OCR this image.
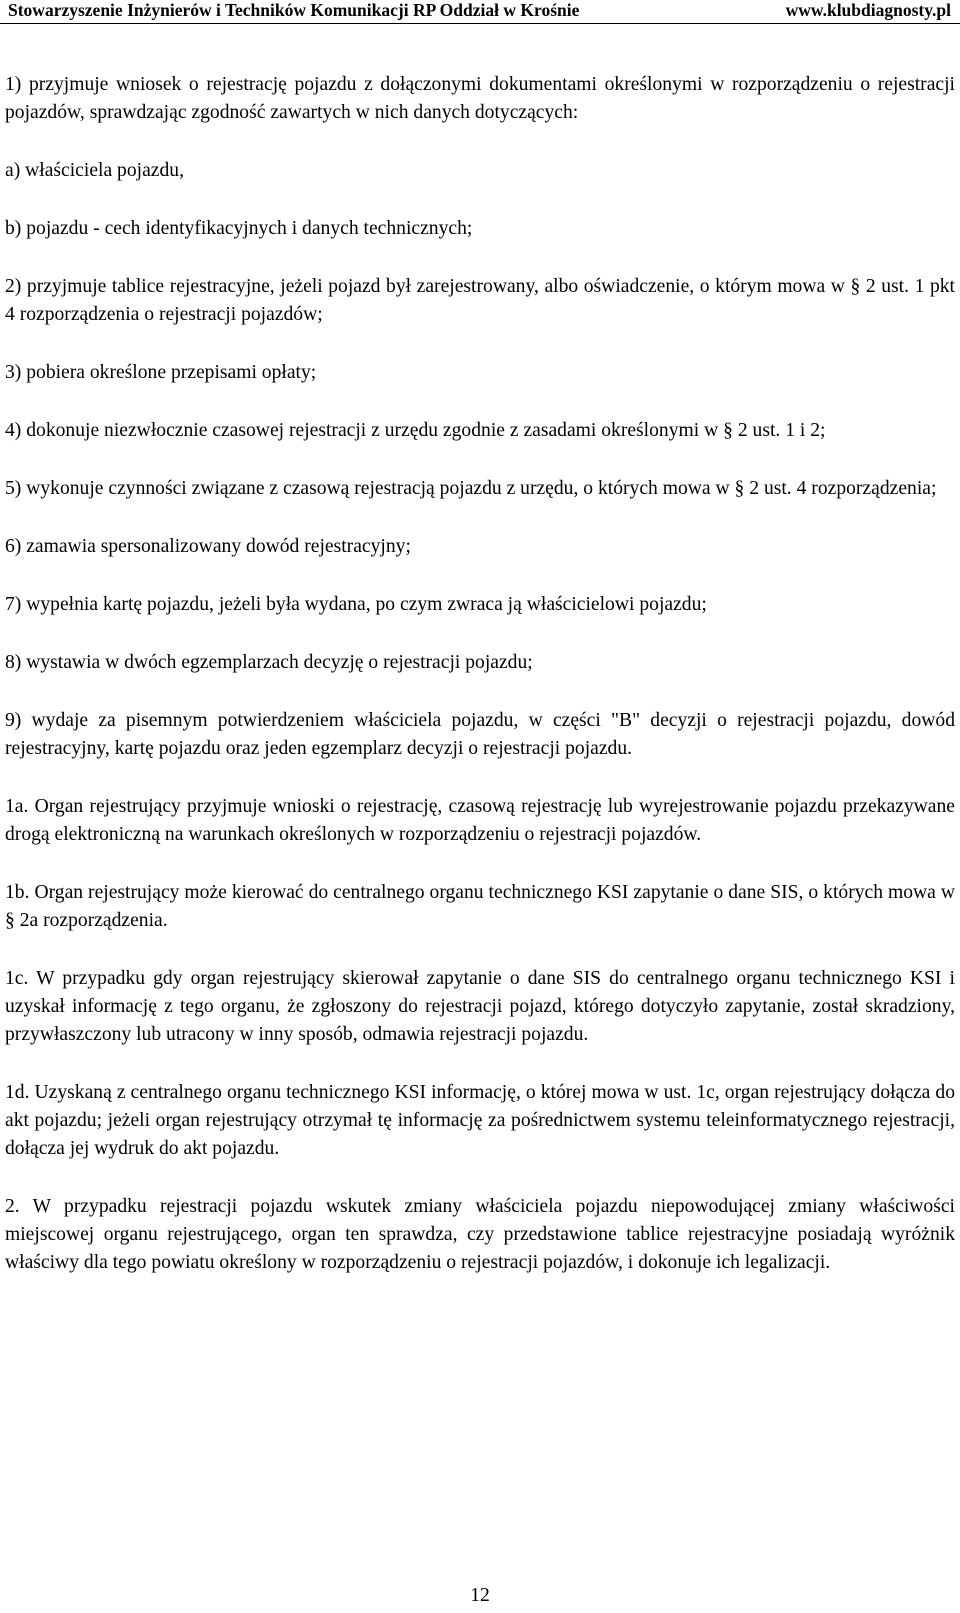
Stowarzyszenie Inżynierów i Techników Komunikacji RP Oddział w Krośnie	www.klubdiagnosty.pl

1) przyjmuje wniosek o rejestrację pojazdu z dołączonymi dokumentami określonymi w rozporządzeniu o rejestracji pojazdów, sprawdzając zgodność zawartych w nich danych dotyczących:

a) właściciela pojazdu,

b) pojazdu - cech identyfikacyjnych i danych technicznych;

2) przyjmuje tablice rejestracyjne, jeżeli pojazd był zarejestrowany, albo oświadczenie, o którym mowa w § 2 ust. 1 pkt 4 rozporządzenia o rejestracji pojazdów;

3) pobiera określone przepisami opłaty;

4) dokonuje niezwłocznie czasowej rejestracji z urzędu zgodnie z zasadami określonymi w § 2 ust. 1 i 2;

5) wykonuje czynności związane z czasową rejestracją pojazdu z urzędu, o których mowa w § 2 ust. 4 rozporządzenia;

6) zamawia spersonalizowany dowód rejestracyjny;

7) wypełnia kartę pojazdu, jeżeli była wydana, po czym zwraca ją właścicielowi pojazdu;

8) wystawia w dwóch egzemplarzach decyzję o rejestracji pojazdu;

9) wydaje za pisemnym potwierdzeniem właściciela pojazdu, w części "B" decyzji o rejestracji pojazdu, dowód rejestracyjny, kartę pojazdu oraz jeden egzemplarz decyzji o rejestracji pojazdu.

1a. Organ rejestrujący przyjmuje wnioski o rejestrację, czasową rejestrację lub wyrejestrowanie pojazdu przekazywane drogą elektroniczną na warunkach określonych w rozporządzeniu o rejestracji pojazdów.

1b. Organ rejestrujący może kierować do centralnego organu technicznego KSI zapytanie o dane SIS, o których mowa w § 2a rozporządzenia.

1c. W przypadku gdy organ rejestrujący skierował zapytanie o dane SIS do centralnego organu technicznego KSI i uzyskał informację z tego organu, że zgłoszony do rejestracji pojazd, którego dotyczyło zapytanie, został skradziony, przywłaszczony lub utracony w inny sposób, odmawia rejestracji pojazdu.

1d. Uzyskaną z centralnego organu technicznego KSI informację, o której mowa w ust. 1c, organ rejestrujący dołącza do akt pojazdu; jeżeli organ rejestrujący otrzymał tę informację za pośrednictwem systemu teleinformatycznego rejestracji, dołącza jej wydruk do akt pojazdu.

2. W przypadku rejestracji pojazdu wskutek zmiany właściciela pojazdu niepowodującej zmiany właściwości miejscowej organu rejestrującego, organ ten sprawdza, czy przedstawione tablice rejestracyjne posiadają wyróżnik właściwy dla tego powiatu określony w rozporządzeniu o rejestracji pojazdów, i dokonuje ich legalizacji.

12
